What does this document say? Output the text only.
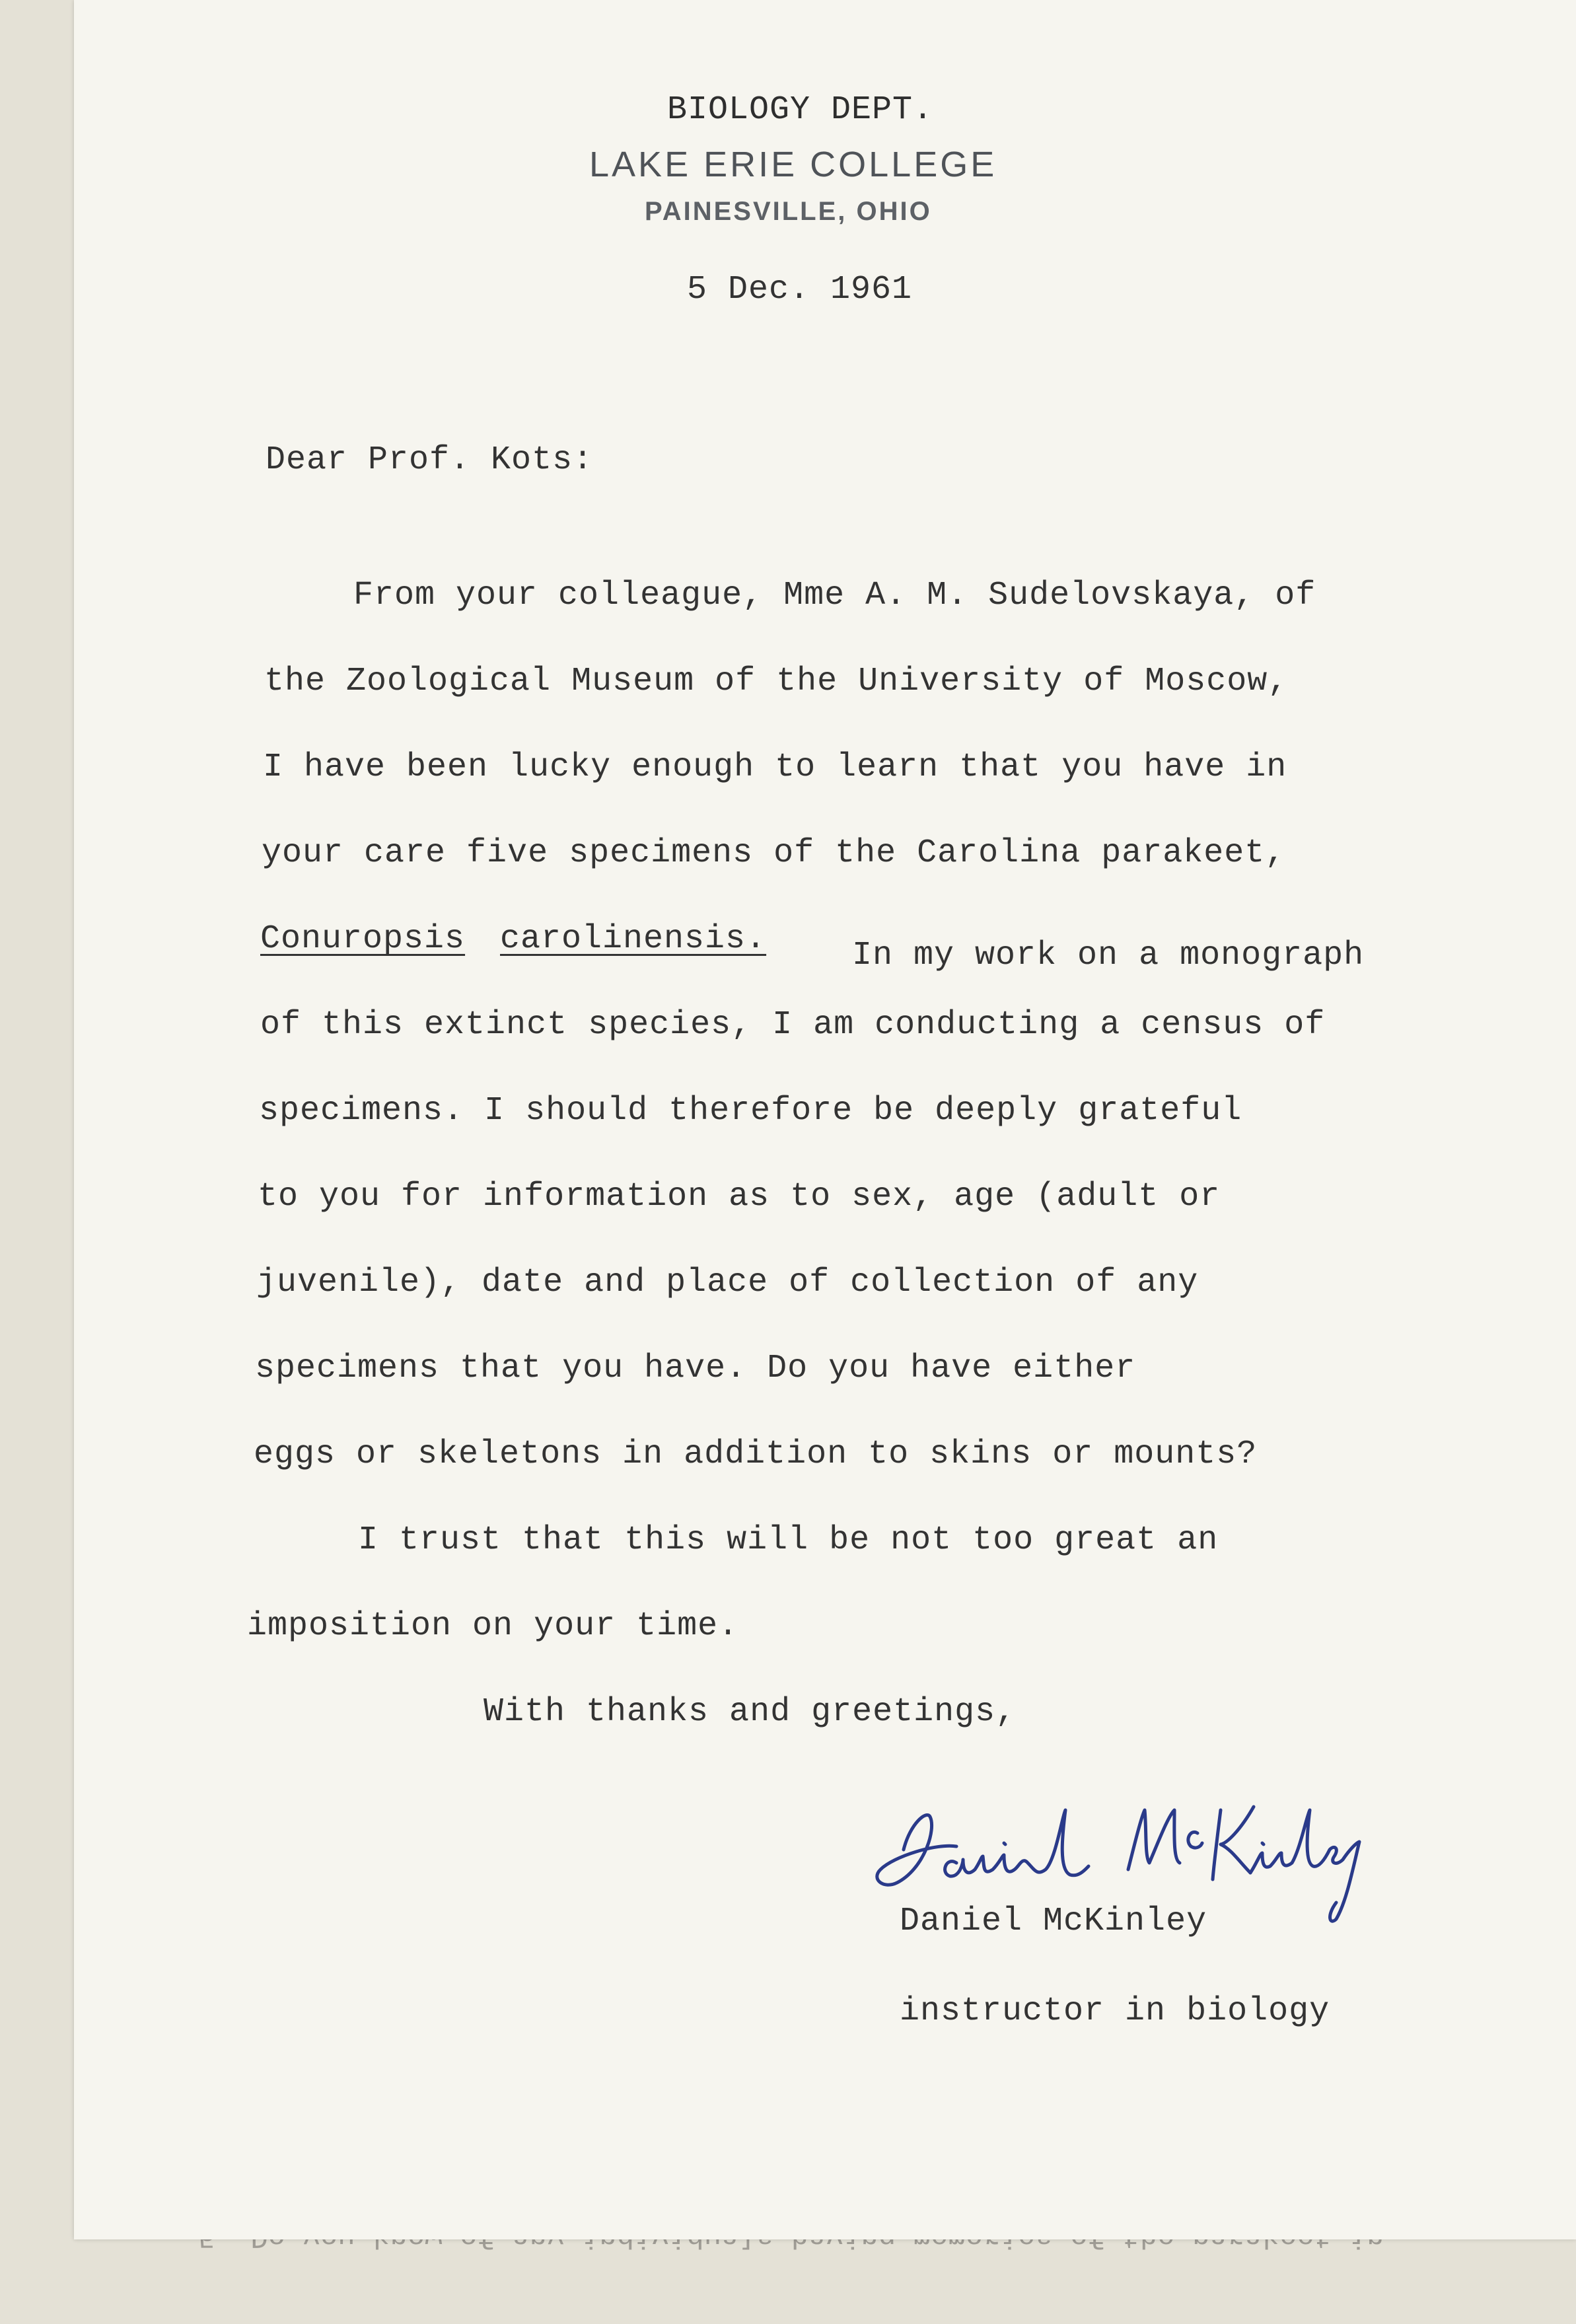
BIOLOGY DEPT.
LAKE ERIE COLLEGE
PAINESVILLE, OHIO
5 Dec. 1961
Dear Prof. Kots:
From your colleague, Mme A. M. Sudelovskaya, of
the Zoological Museum of the University of Moscow,
I have been lucky enough to learn that you have in
your care five specimens of the Carolina parakeet,
Conuropsis carolinensis.	In my work on a monograph
of this extinct species, I am conducting a census of
specimens. I should therefore be deeply grateful
to you for information as to sex, age (adult or
juvenile), date and place of collection of any
specimens that you have. Do you have either
eggs or skeletons in addition to skins or mounts?
I trust that this will be not too great an
imposition on your time.
With thanks and greetings,
Daniel McKinley
instructor in biology
